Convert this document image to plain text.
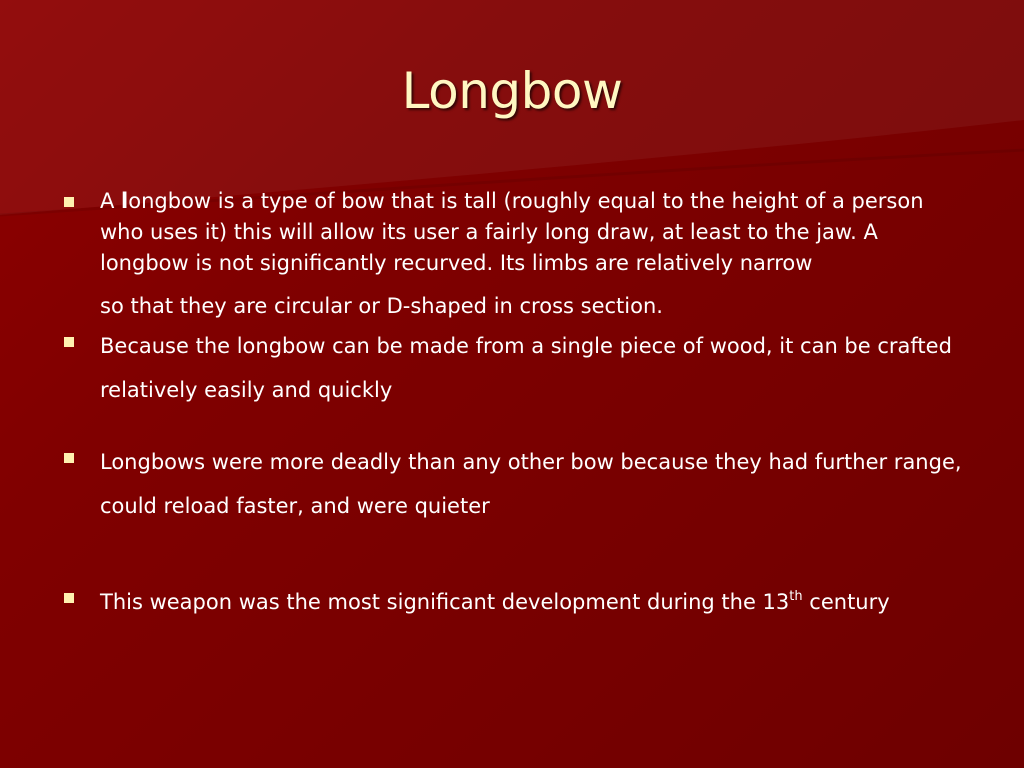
Longbow
A longbow is a type of bow that is tall (roughly equal to the height of a person who uses it) this will allow its user a fairly long draw, at least to the jaw. A longbow is not significantly recurved. Its limbs are relatively narrow
so that they are circular or D-shaped in cross section.
Because the longbow can be made from a single piece of wood, it can be crafted relatively easily and quickly
Longbows were more deadly than any other bow because they had further range, could reload faster, and were quieter
This weapon was the most significant development during the 13th century
